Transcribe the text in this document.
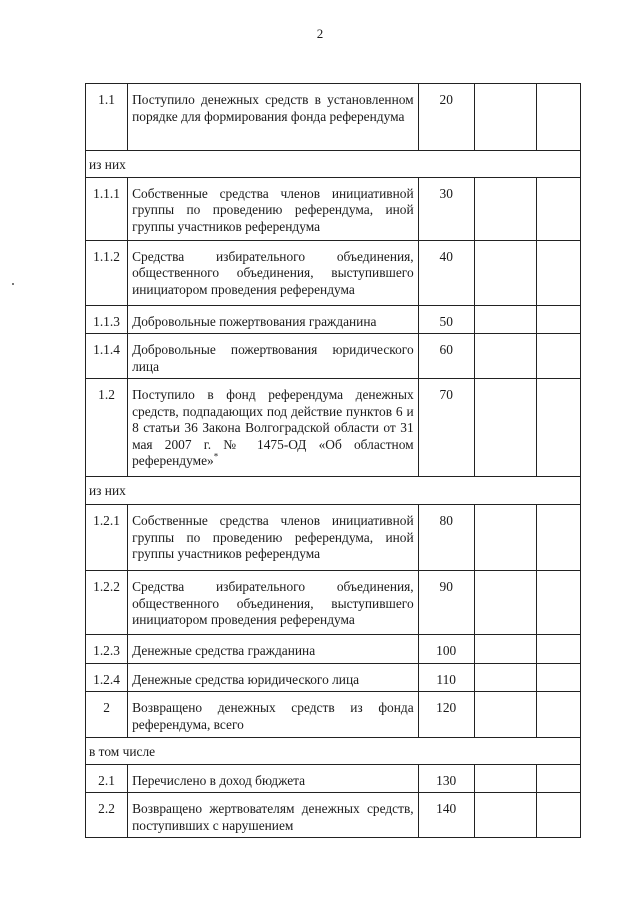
2
1.1	Поступило денежных средств в установленном порядке для формирования фонда референдума	20		
из них				
1.1.1	Собственные средства членов инициативной группы по проведению референдума, иной группы участников референдума	30		
1.1.2	Средства избирательного объединения, общественного объединения, выступившего инициатором проведения референдума	40		
1.1.3	Добровольные пожертвования гражданина	50		
1.1.4	Добровольные пожертвования юридического лица	60		
1.2	Поступило в фонд референдума денежных средств, подпадающих под действие пунктов 6 и 8 статьи 36 Закона Волгоградской области от 31 мая 2007 г. № 1475-ОД «Об областном референдуме»*	70		
из них				
1.2.1	Собственные средства членов инициативной группы по проведению референдума, иной группы участников референдума	80		
1.2.2	Средства избирательного объединения, общественного объединения, выступившего инициатором проведения референдума	90		
1.2.3	Денежные средства гражданина	100		
1.2.4	Денежные средства юридического лица	110		
2	Возвращено денежных средств из фонда референдума, всего	120		
в том числе				
2.1	Перечислено в доход бюджета	130		
2.2	Возвращено жертвователям денежных средств, поступивших с нарушением	140		
